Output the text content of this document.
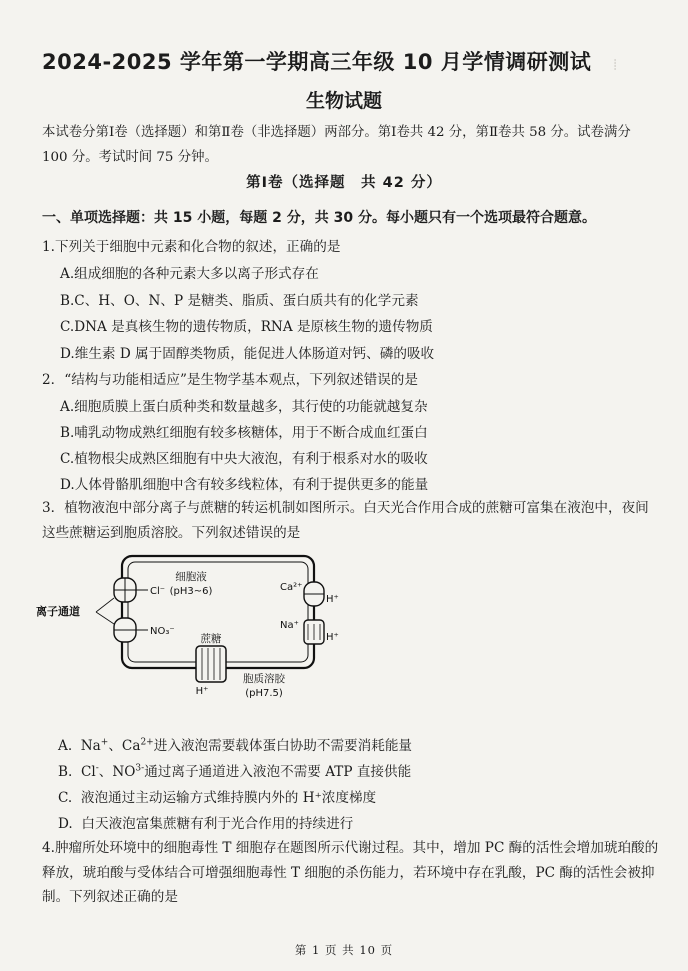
┊
2024-2025 学年第一学期高三年级 10 月学情调研测试
生物试题
本试卷分第Ⅰ卷（选择题）和第Ⅱ卷（非选择题）两部分。第Ⅰ卷共 42 分，第Ⅱ卷共 58 分。试卷满分 100 分。考试时间 75 分钟。
第Ⅰ卷（选择题　共 42 分）
一、单项选择题：共 15 小题，每题 2 分，共 30 分。每小题只有一个选项最符合题意。
1.下列关于细胞中元素和化合物的叙述，正确的是
A.组成细胞的各种元素大多以离子形式存在
B.C、H、O、N、P 是糖类、脂质、蛋白质共有的化学元素
C.DNA 是真核生物的遗传物质，RNA 是原核生物的遗传物质
D.维生素 D 属于固醇类物质，能促进人体肠道对钙、磷的吸收
2．“结构与功能相适应”是生物学基本观点，下列叙述错误的是
A.细胞质膜上蛋白质种类和数量越多，其行使的功能就越复杂
B.哺乳动物成熟红细胞有较多核糖体，用于不断合成血红蛋白
C.植物根尖成熟区细胞有中央大液泡，有利于根系对水的吸收
D.人体骨骼肌细胞中含有较多线粒体，有利于提供更多的能量
3．植物液泡中部分离子与蔗糖的转运机制如图所示。白天光合作用合成的蔗糖可富集在液泡中，夜间这些蔗糖运到胞质溶胶。下列叙述错误的是
Cl⁻
NO₃⁻
离子通道
细胞液
(pH3~6)	Ca²⁺
H⁺
Na⁺
H⁺
蔗糖
H⁺
胞质溶胶
(pH7.5)
A.  Na+、$Ca^{2+}$进入液泡需要载体蛋白协助不需要消耗能量
B.  Cl-、$NO^{3-}$通过离子通道进入液泡不需要 ATP 直接供能
C. 液泡通过主动运输方式维持膜内外的 H⁺浓度梯度
D. 白天液泡富集蔗糖有利于光合作用的持续进行
4.肿瘤所处环境中的细胞毒性 T 细胞存在题图所示代谢过程。其中，增加 PC 酶的活性会增加琥珀酸的释放，琥珀酸与受体结合可增强细胞毒性 T 细胞的杀伤能力，若环境中存在乳酸，PC 酶的活性会被抑制。下列叙述正确的是
第 1 页 共 10 页
